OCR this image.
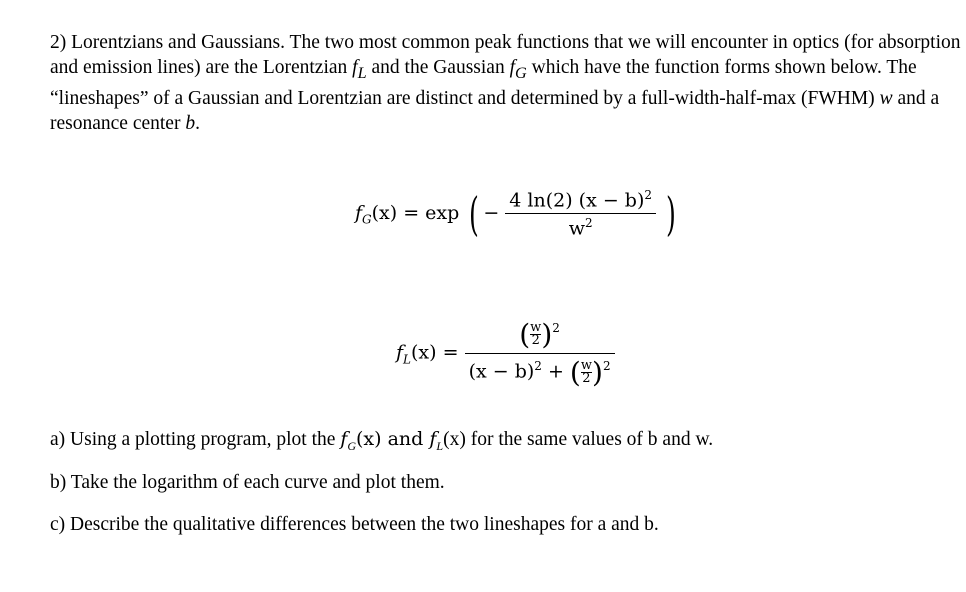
2) Lorentzians and Gaussians. The two most common peak functions that we will encounter in optics (for absorption and emission lines) are the Lorentzian $f_L$ and the Gaussian $f_G$ which have the function forms shown below. The “lineshapes” of a Gaussian and Lorentzian are distinct and determined by a full-width-half-max (FWHM) w and a resonance center b.
$f_G(x) = \exp$ ( − $\frac{4 \ln(2) (x - b)^2}{w^2}$ )
$f_L(x) = \frac{( \frac{w}{2} )^2}{(x - b)^2 + ( \frac{w}{2} )^2}$
a) Using a plotting program, plot the $f_G(x)$ and $f_L(x)$ for the same values of b and w.
b) Take the logarithm of each curve and plot them.
c) Describe the qualitative differences between the two lineshapes for a and b.
